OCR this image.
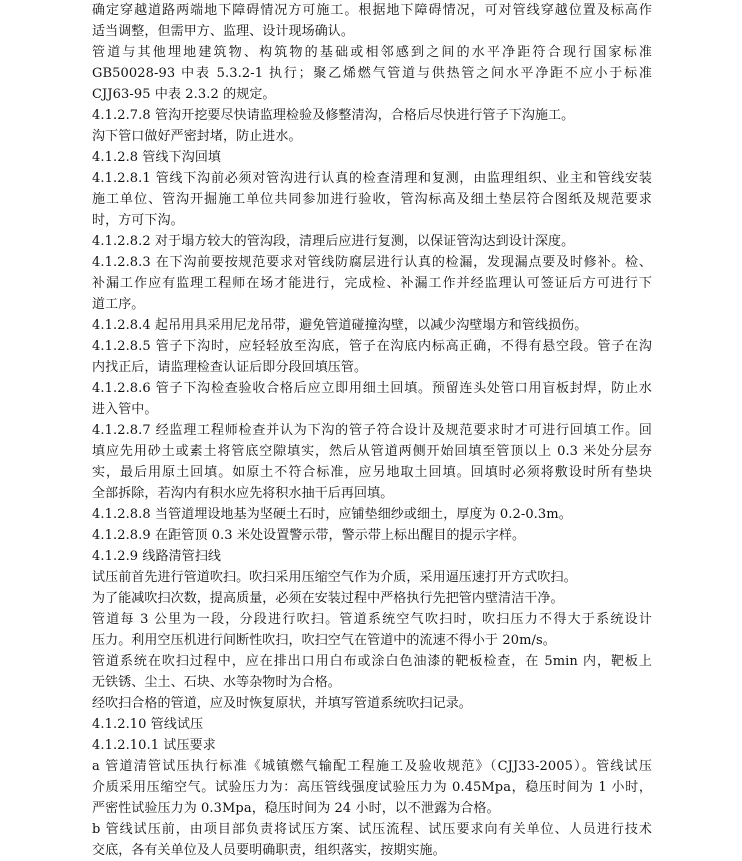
确定穿越道路两端地下障碍情况方可施工。根据地下障碍情况，可对管线穿越位置及标高作
适当调整，但需甲方、监理、设计现场确认。
管道与其他埋地建筑物、构筑物的基础或相邻感到之间的水平净距符合现行国家标准
GB50028-93 中表 5.3.2-1 执行；聚乙烯燃气管道与供热管之间水平净距不应小于标准
CJJ63-95 中表 2.3.2 的规定。
4.1.2.7.8 管沟开挖要尽快请监理检验及修整清沟，合格后尽快进行管子下沟施工。
沟下管口做好严密封堵，防止进水。
4.1.2.8 管线下沟回填
4.1.2.8.1 管线下沟前必须对管沟进行认真的检查清理和复测，由监理组织、业主和管线安装
施工单位、管沟开掘施工单位共同参加进行验收，管沟标高及细土垫层符合图纸及规范要求
时，方可下沟。
4.1.2.8.2 对于塌方较大的管沟段，清理后应进行复测，以保证管沟达到设计深度。
4.1.2.8.3 在下沟前要按规范要求对管线防腐层进行认真的检漏，发现漏点要及时修补。检、
补漏工作应有监理工程师在场才能进行，完成检、补漏工作并经监理认可签证后方可进行下
道工序。
4.1.2.8.4 起吊用具采用尼龙吊带，避免管道碰撞沟壁，以减少沟壁塌方和管线损伤。
4.1.2.8.5 管子下沟时，应轻轻放至沟底，管子在沟底内标高正确，不得有悬空段。管子在沟
内找正后，请监理检查认证后即分段回填压管。
4.1.2.8.6 管子下沟检查验收合格后应立即用细土回填。预留连头处管口用盲板封焊，防止水
进入管中。
4.1.2.8.7 经监理工程师检查并认为下沟的管子符合设计及规范要求时才可进行回填工作。回
填应先用砂土或素土将管底空隙填实，然后从管道两侧开始回填至管顶以上 0.3 米处分层夯
实，最后用原土回填。如原土不符合标准，应另地取土回填。回填时必须将敷设时所有垫块
全部拆除，若沟内有积水应先将积水抽干后再回填。
4.1.2.8.8 当管道埋设地基为坚硬土石时，应铺垫细纱或细土，厚度为 0.2-0.3m。
4.1.2.8.9 在距管顶 0.3 米处设置警示带，警示带上标出醒目的提示字样。
4.1.2.9 线路清管扫线
试压前首先进行管道吹扫。吹扫采用压缩空气作为介质，采用逼压速打开方式吹扫。
为了能减吹扫次数，提高质量，必须在安装过程中严格执行先把管内壁清洁干净。
管道每 3 公里为一段，分段进行吹扫。管道系统空气吹扫时，吹扫压力不得大于系统设计
压力。利用空压机进行间断性吹扫，吹扫空气在管道中的流速不得小于 20m/s。
管道系统在吹扫过程中，应在排出口用白布或涂白色油漆的靶板检查，在 5min 内，靶板上
无铁锈、尘土、石块、水等杂物时为合格。
经吹扫合格的管道，应及时恢复原状，并填写管道系统吹扫记录。
4.1.2.10 管线试压
4.1.2.10.1 试压要求
a 管道清管试压执行标准《城镇燃气输配工程施工及验收规范》（CJJ33-2005）。管线试压
介质采用压缩空气。试验压力为：高压管线强度试验压力为 0.45Mpa，稳压时间为 1 小时，
严密性试验压力为 0.3Mpa，稳压时间为 24 小时，以不泄露为合格。
b 管线试压前，由项目部负责将试压方案、试压流程、试压要求向有关单位、人员进行技术
交底，各有关单位及人员要明确职责，组织落实，按期实施。
